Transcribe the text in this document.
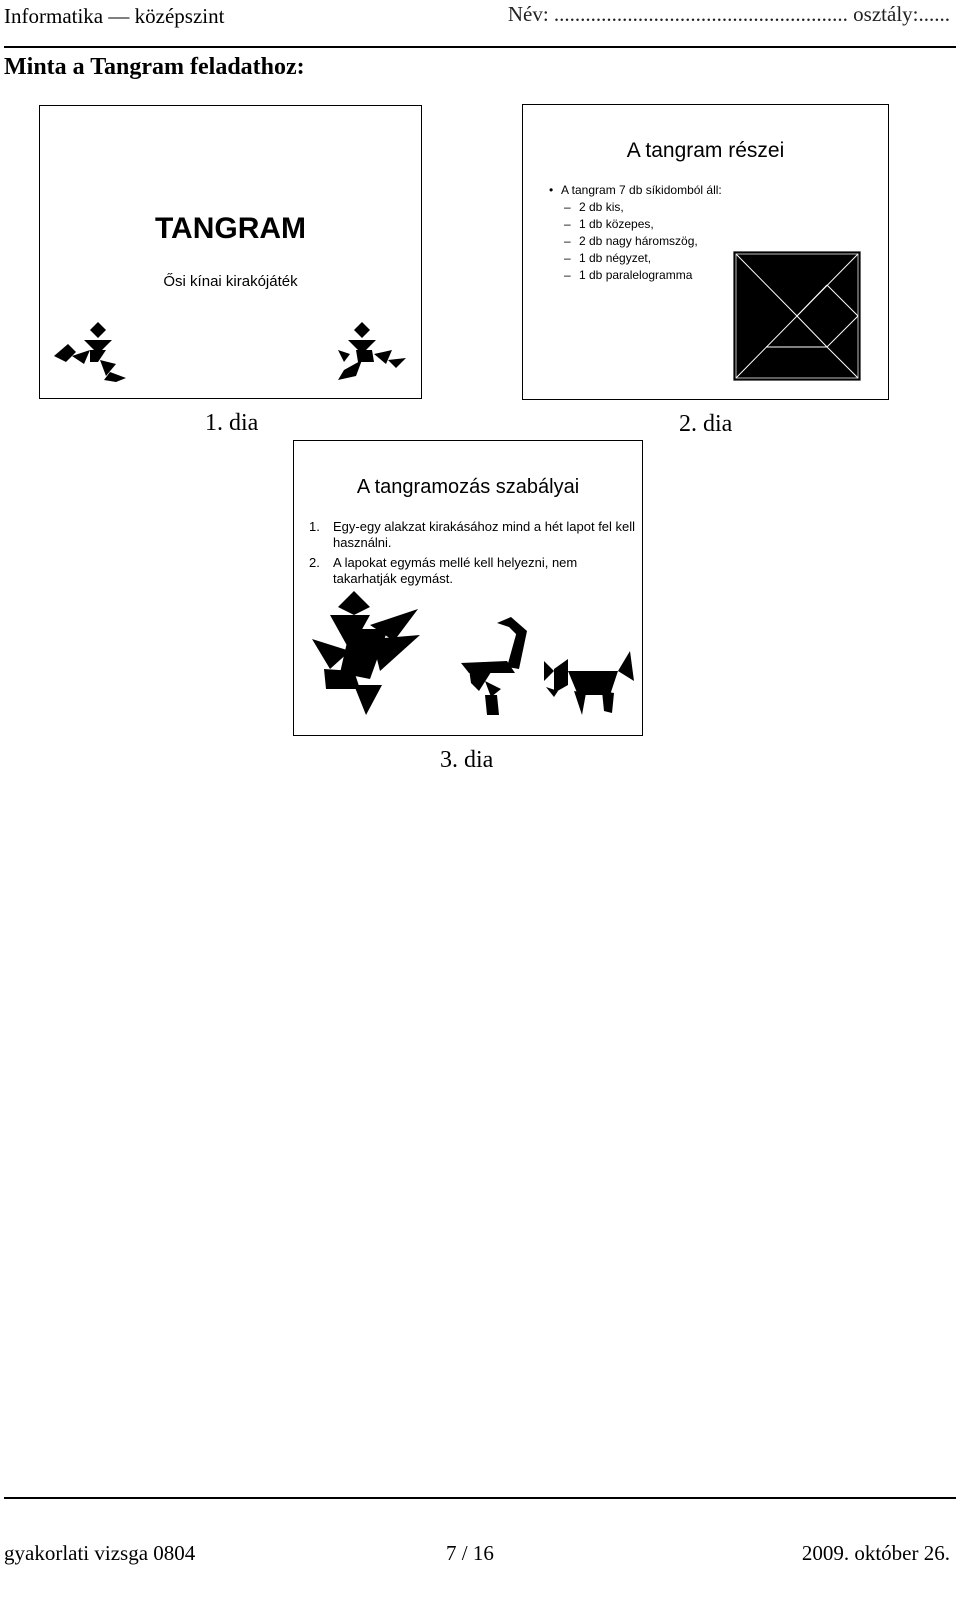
Informatika — középszint	Név: ........................................................ osztály:......
Minta a Tangram feladathoz:
TANGRAM
Ősi kínai kirakójáték
1. dia
A tangram részei
• A tangram 7 db síkidomból áll:
– 2 db kis,
– 1 db közepes,
– 2 db nagy háromszög,
– 1 db négyzet,
– 1 db paralelogramma
2. dia
A tangramozás szabályai
1. Egy-egy alakzat kirakásához mind a hét lapot fel kell használni.
2. A lapokat egymás mellé kell helyezni, nem takarhatják egymást.
3. dia
gyakorlati vizsga 0804	7 / 16	2009. október 26.
